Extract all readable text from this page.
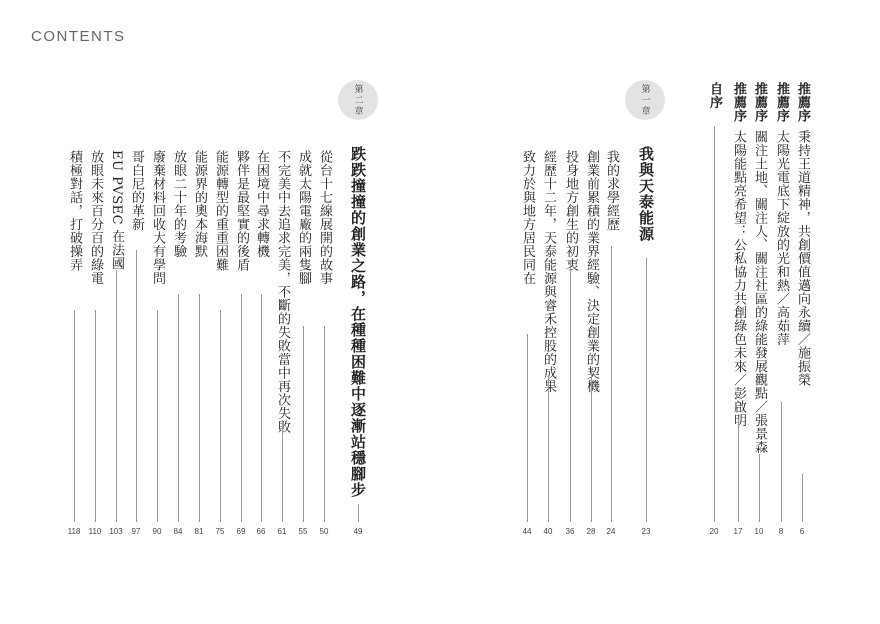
CONTENTS
推薦序
秉持王道精神，共創價值邁向永續／施振榮
6
推薦序
太陽光電底下綻放的光和熱／高茹萍
8
推薦序
關注土地、關注人、關注社區的綠能發展觀點／張景森
10
推薦序
太陽能點亮希望：公私協力共創綠色未來／彭啟明
17
自序
20
第一章
我與天泰能源
23
我的求學經歷
24
創業前累積的業界經驗、決定創業的契機
28
投身地方創生的初衷
36
經歷十二年，天泰能源與睿禾控股的成果
40
致力於與地方居民同在
44
第二章
跌跌撞撞的創業之路，在種種困難中逐漸站穩腳步
49
從台十七線展開的故事
50
成就太陽電廠的兩隻腳
55
不完美中去追求完美，不斷的失敗當中再次失敗
61
在困境中尋求轉機
66
夥伴是最堅實的後盾
69
能源轉型的重重困難
75
能源界的奧本海默
81
放眼二十年的考驗
84
廢棄材料回收大有學問
90
哥白尼的革新
97
EU PVSEC 在法國
103
放眼未來百分百的綠電
110
積極對話，打破操弄
118
